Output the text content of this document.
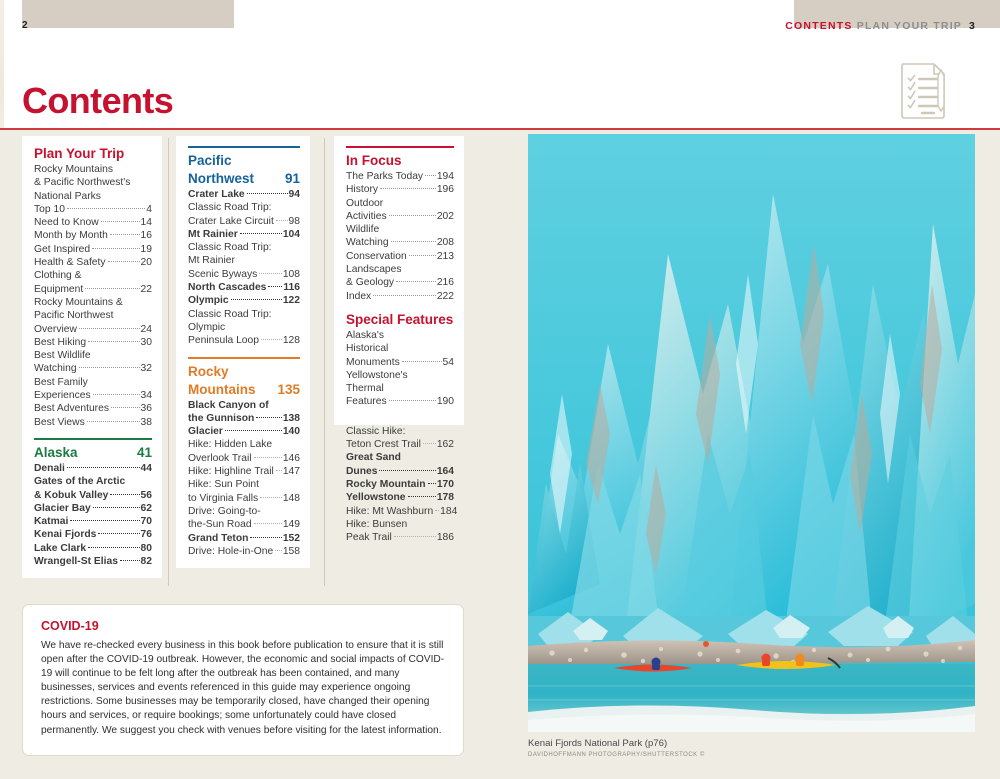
2	CONTENTS PLAN YOUR TRIP 3
Contents
Plan Your Trip
Rocky Mountains
& Pacific Northwest's
National Parks
Top 10	4
Need to Know	14
Month by Month	16
Get Inspired	19
Health & Safety	20
Clothing &
Equipment	22
Rocky Mountains &
Pacific Northwest
Overview	24
Best Hiking	30
Best Wildlife
Watching	32
Best Family
Experiences	34
Best Adventures	36
Best Views	38
Alaska	41
Denali	44
Gates of the Arctic
& Kobuk Valley	56
Glacier Bay	62
Katmai	70
Kenai Fjords	76
Lake Clark	80
Wrangell-St Elias 82
Pacific
Northwest 91
Crater Lake	94
Classic Road Trip:
Crater Lake Circuit 98
Mt Rainier	104
Classic Road Trip:
Mt Rainier
Scenic Byways 108
North Cascades 116
Olympic	122
Classic Road Trip:
Olympic
Peninsula Loop 128
Rocky
Mountains 135
Black Canyon of
the Gunnison	138
Glacier	140
Hike: Hidden Lake
Overlook Trail	146
Hike: Highline Trail 147
Hike: Sun Point
to Virginia Falls 148
Drive: Going-to-
the-Sun Road	149
Grand Teton	152
Drive: Hole-in-One 158
In Focus
The Parks Today 194
History	196
Outdoor
Activities	202
Wildlife
Watching	208
Conservation	213
Landscapes
& Geology	216
Index	222
Special Features
Alaska's
Historical
Monuments	54
Yellowstone's
Thermal
Features	190
Classic Hike:
Teton Crest Trail 162
Great Sand
Dunes	164
Rocky Mountain 170
Yellowstone	178
Hike: Mt Washburn 184
Hike: Bunsen
Peak Trail	186
COVID-19

We have re-checked every business in this book before publication to ensure that it is still open after the COVID-19 outbreak. However, the economic and social impacts of COVID-19 will continue to be felt long after the outbreak has been contained, and many businesses, services and events referenced in this guide may experience ongoing restrictions. Some businesses may be temporarily closed, have changed their opening hours and services, or require bookings; some unfortunately could have closed permanently. We suggest you check with venues before visiting for the latest information.

Kenai Fjords National Park (p76)
DAVIDHOFFMANN PHOTOGRAPHY/SHUTTERSTOCK ©
